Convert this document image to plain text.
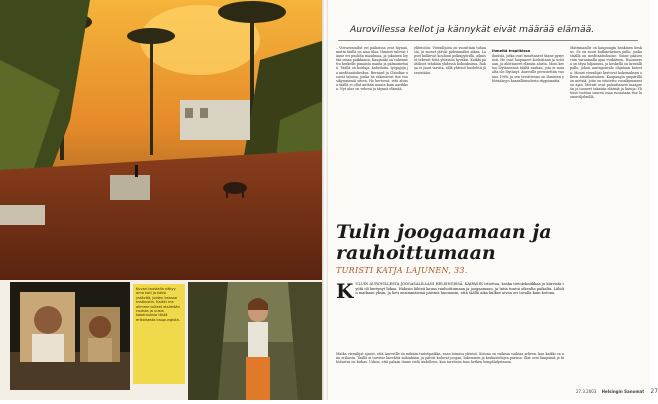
Kuvan taustalla näkyy oma koti ja kaksi ystävää, joiden kanssa matkustin. Kaikki me olimme tulleet etsimään rauhaa ja uusia kokemuksia tästä erikoisesta kaupungista.

Aurovillessa kellot ja kännykät eivät määrää elämää.

– Vierasvarailut eri paikoissa ovat täynnä, mutta täällä on aina tilaa. Ihmiset tulevat tänne eri puolilta maailmaa, ja jokainen löytää oman paikkansa. Kaupunki on rakennettu keskelle punaista maata ja palmumetsää. Täällä on kouluja, kahviloita, työpajoja ja meditaatiokeskus. Bernard ja Claudine asuvat talossa, jonka he rakensivat itse vuosikymmeniä sitten. He kertovat, että alussa täällä ei ollut mitään muuta kuin aavikkoa. Nyt alue on vehreä ja täynnä elämää.

yhteisöön. Vierailijoita on vuosittain tuhansia, ja monet jäävät pidemmäksi aikaa. Lapset kulkevat kouluun polkupyörillä, aikuiset tekevät töitä yhteisön hyväksi. Kaikki päätökset tehdään yhdessä kokouksissa. Rahaa ei juuri tarvita, sillä yhteisö huolehtii jäsenistään.

Ihmeitä tropiikissa

ihmisiä, jotka ovat muuttaneet tänne pysyvästi. He ovat luopuneet kodeistaan ja uristaan, ja aloittaneet elämän alusta. Moni kertoo löytäneensä täältä rauhan, jota ei muualta ole löytänyt. Auroville perustettiin vuonna 1968, ja sen tavoitteena on ihmisten yhtenäisyys kansallisuudesta riippumatta.

Matrimandir on kaupungin henkinen keskus. Se on suuri kullanvärinen pallo, jonka sisällä on meditaatiohuone. Sinne pääsee vain varaamalla ajan etukäteen. Huoneessa on täysi hiljaisuus, ja keskellä on kristallipallo, johon auringonvalo ohjataan katosta. Monet vierailijat kertovat kokemuksen olleen ainutlaatuinen. Kaupungin ympärillä on metsiä, joita on istutettu vuosikymmenten ajan. Metsät ovat palauttaneet maaperän ja tuoneet takaisin eläimiä ja lintuja. Yhteisö tuottaa suuren osan ruoastaan itse luomuviljelmillä.

Tulin joogaamaan ja rauhoittumaan

TURISTI KATJA LAJUNEN, 33.

K ULUIN AUROVILLESTA JOOGASALILLANI HELSINGISSÄ. KAIPASIN irtiottoa, koska tietotekniikkaa ja kiireistä työtä oli kertynyt liikaa. Halusin lähteä kauas rauhoittumaan ja joogaamaan, ja Intia tuntui oikealta paikalta. Lähdin matkaan yksin, ja heti ensimmäisinä päivinä huomasin, että täällä aika kulkee aivan eri tavalla kuin kotona.
Matka vierailijat ajavat, että Auroville on mikään turistipaikka, vaan toimiva yhteisö. Kotona on vaikeaa vaihtaa arkeen, kun kaikki on niin erilaista. Täällä ei tarvitse kiirehtiä mihinkään, ja päivät kuluvat joogan, lukemisen ja keskustelujen parissa. Illat ovat lämpimiä ja tähtitaivas on kirkas. Uskon, että palaan tänne vielä uudelleen, kun tarvitsen taas hetken hengähdystauon.
27.3.2003 Helsingin Sanomat 27
